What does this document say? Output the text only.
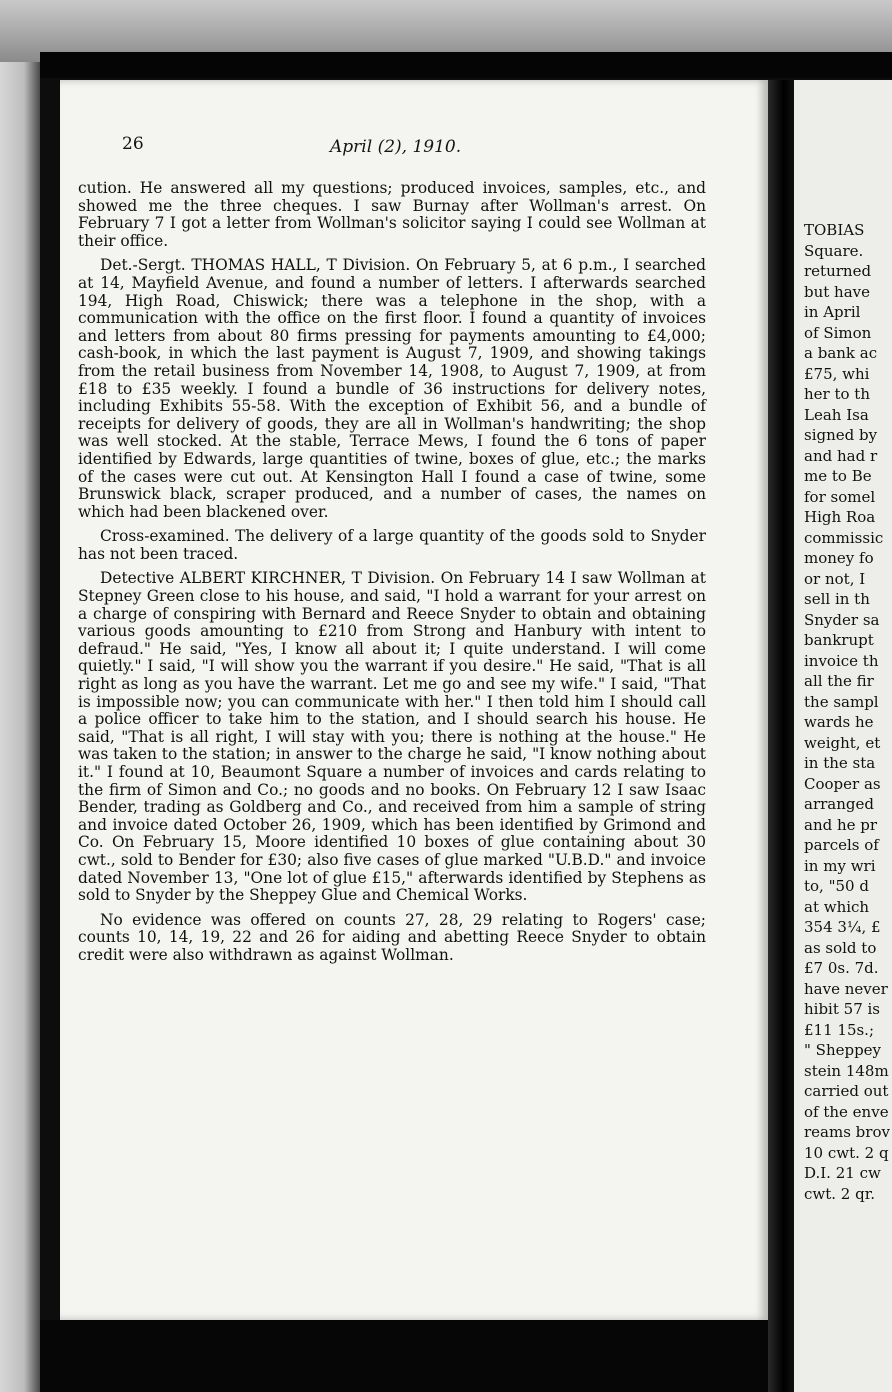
26	April (2), 1910.

cution. He answered all my questions; produced invoices, samples, etc., and showed me the three cheques. I saw Burnay after Wollman's arrest. On February 7 I got a letter from Wollman's solicitor saying I could see Wollman at their office.

Det.-Sergt. THOMAS HALL, T Division. On February 5, at 6 p.m., I searched at 14, Mayfield Avenue, and found a number of letters. I afterwards searched 194, High Road, Chiswick; there was a telephone in the shop, with a communication with the office on the first floor. I found a quantity of invoices and letters from about 80 firms pressing for payments amounting to £4,000; cash-book, in which the last payment is August 7, 1909, and showing takings from the retail business from November 14, 1908, to August 7, 1909, at from £18 to £35 weekly. I found a bundle of 36 instructions for delivery notes, including Exhibits 55-58. With the exception of Exhibit 56, and a bundle of receipts for delivery of goods, they are all in Wollman's handwriting; the shop was well stocked. At the stable, Terrace Mews, I found the 6 tons of paper identified by Edwards, large quantities of twine, boxes of glue, etc.; the marks of the cases were cut out. At Kensington Hall I found a case of twine, some Brunswick black, scraper produced, and a number of cases, the names on which had been blackened over.

Cross-examined. The delivery of a large quantity of the goods sold to Snyder has not been traced.

Detective ALBERT KIRCHNER, T Division. On February 14 I saw Wollman at Stepney Green close to his house, and said, "I hold a warrant for your arrest on a charge of conspiring with Bernard and Reece Snyder to obtain and obtaining various goods amounting to £210 from Strong and Hanbury with intent to defraud." He said, "Yes, I know all about it; I quite understand. I will come quietly." I said, "I will show you the warrant if you desire." He said, "That is all right as long as you have the warrant. Let me go and see my wife." I said, "That is impossible now; you can communicate with her." I then told him I should call a police officer to take him to the station, and I should search his house. He said, "That is all right, I will stay with you; there is nothing at the house." He was taken to the station; in answer to the charge he said, "I know nothing about it." I found at 10, Beaumont Square a number of invoices and cards relating to the firm of Simon and Co.; no goods and no books. On February 12 I saw Isaac Bender, trading as Goldberg and Co., and received from him a sample of string and invoice dated October 26, 1909, which has been identified by Grimond and Co. On February 15, Moore identified 10 boxes of glue containing about 30 cwt., sold to Bender for £30; also five cases of glue marked "U.B.D." and invoice dated November 13, "One lot of glue £15," afterwards identified by Stephens as sold to Snyder by the Sheppey Glue and Chemical Works.

No evidence was offered on counts 27, 28, 29 relating to Rogers' case; counts 10, 14, 19, 22 and 26 for aiding and abetting Reece Snyder to obtain credit were also withdrawn as against Wollman.

TOBIAS
Square.
returned
but have
in April
of Simon
a bank ac
£75, whi
her to th
Leah Isa
signed by
and had r
me to Be
for somel
High Roa
commissic
money fo
or not, I
sell in th
Snyder sa
bankrupt
invoice th
all the fir
the sampl
wards he
weight, et
in the sta
Cooper as
arranged
and he pr
parcels of
in my wri
to, "50 d
at which
354 3¼, £
as sold to
£7 0s. 7d.
have never
hibit 57 is
£11 15s.;
" Sheppey
stein 148m
carried out
of the enve
reams brov
10 cwt. 2 q
D.I. 21 cw
cwt. 2 qr.
